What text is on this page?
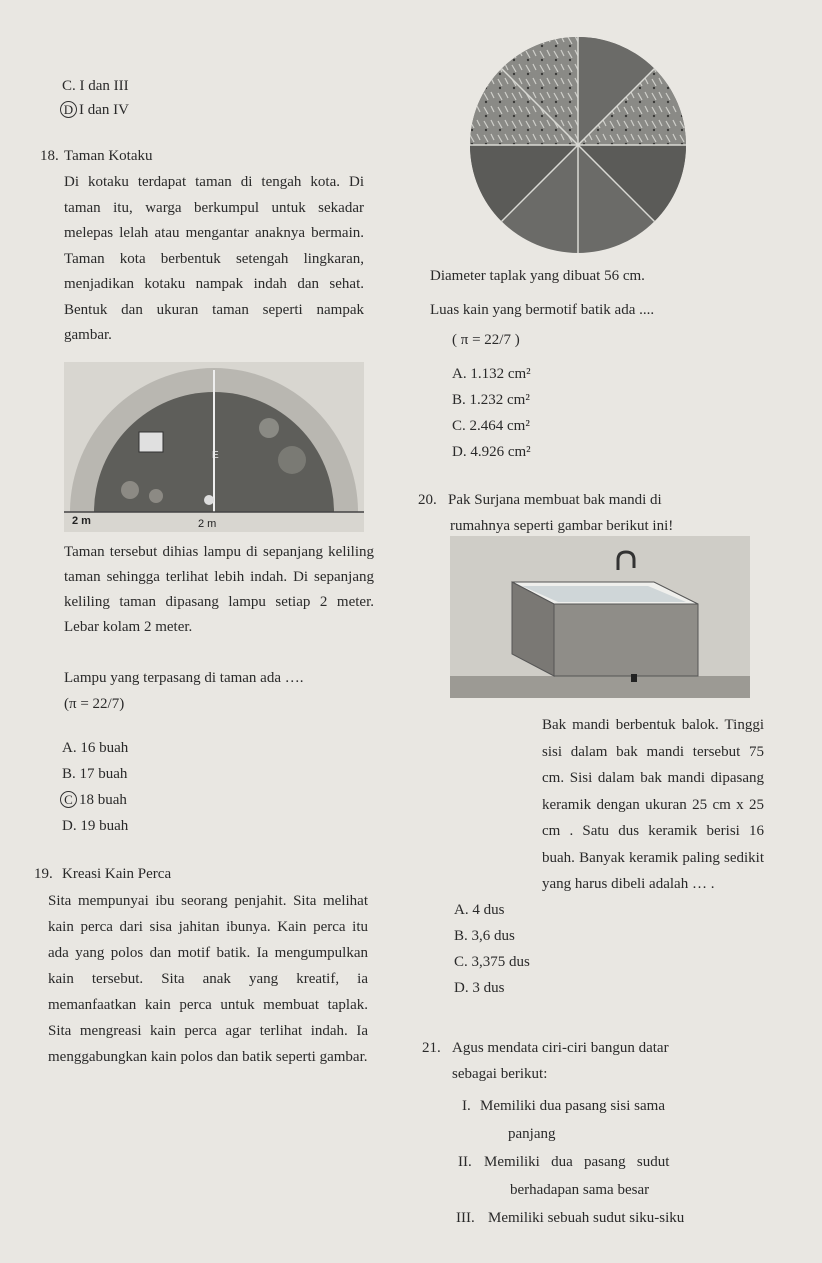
C. I dan III
D I dan IV
18. Taman Kotaku
Di kotaku terdapat taman di tengah kota. Di taman itu, warga berkumpul untuk sekadar melepas lelah atau mengantar anaknya bermain. Taman kota berbentuk setengah lingkaran, menjadikan kotaku nampak indah dan sehat. Bentuk dan ukuran taman seperti nampak gambar.
E
2 m	2 m
Taman tersebut dihias lampu di sepanjang keliling taman sehingga terlihat lebih indah. Di sepanjang keliling taman dipasang lampu setiap 2 meter. Lebar kolam 2 meter.
Lampu yang terpasang di taman ada ….
(π = 22/7)
A. 16 buah
B. 17 buah
C 18 buah
D. 19 buah
19. Kreasi Kain Perca
Sita mempunyai ibu seorang penjahit. Sita melihat kain perca dari sisa jahitan ibunya. Kain perca itu ada yang polos dan motif batik. Ia mengumpulkan kain tersebut. Sita anak yang kreatif, ia memanfaatkan kain perca untuk membuat taplak. Sita mengreasi kain perca agar terlihat indah. Ia menggabungkan kain polos dan batik seperti gambar.
Diameter taplak yang dibuat 56 cm.
Luas kain yang bermotif batik ada ....
( π = 22/7 )
A. 1.132 cm²
B. 1.232 cm²
C. 2.464 cm²
D. 4.926 cm²
20. Pak Surjana membuat bak mandi di
rumahnya seperti gambar berikut ini!
Bak mandi berbentuk balok. Tinggi sisi dalam bak mandi tersebut 75 cm. Sisi dalam bak mandi dipasang keramik dengan ukuran 25 cm x 25 cm . Satu dus keramik berisi 16 buah. Banyak keramik paling sedikit yang harus dibeli adalah … .
A. 4 dus
B. 3,6 dus
C. 3,375 dus
D. 3 dus
21. Agus mendata ciri-ciri bangun datar
sebagai berikut:
I. Memiliki dua pasang sisi sama
panjang
II. Memiliki   dua   pasang   sudut
berhadapan sama besar
III. Memiliki sebuah sudut siku-siku
